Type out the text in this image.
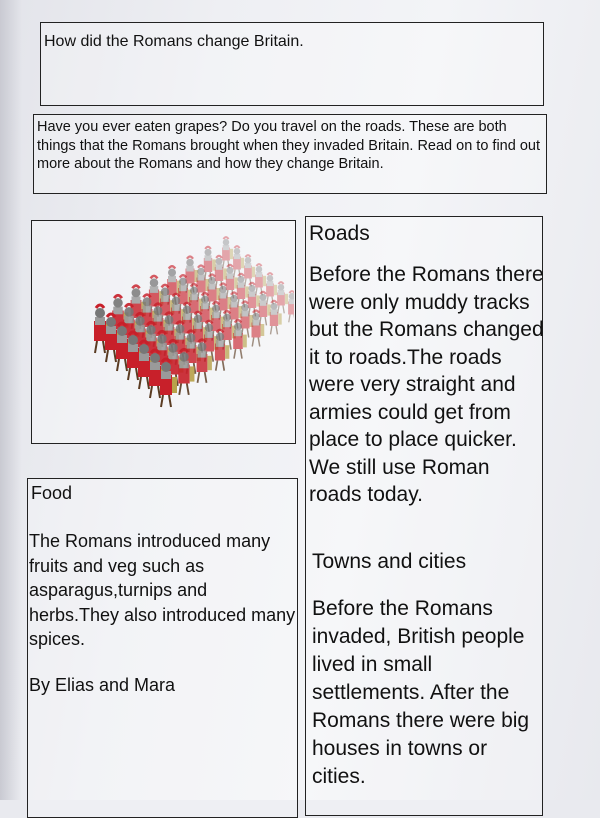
How did the Romans change Britain.
Have you ever eaten grapes? Do you travel on the roads. These are both things that the Romans brought when they invaded Britain. Read on to find out more about the Romans and how they change Britain.
Roads
Before the Romans there were only muddy tracks but the Romans changed it to roads.The roads were very straight and armies could get from place to place quicker. We still use Roman roads today.
Towns and cities
Before the Romans invaded, British people lived in small settlements. After the Romans there were big houses in towns or cities.
Food
The Romans introduced many fruits and veg such as asparagus,turnips and herbs.They also introduced many spices.
By Elias and Mara
